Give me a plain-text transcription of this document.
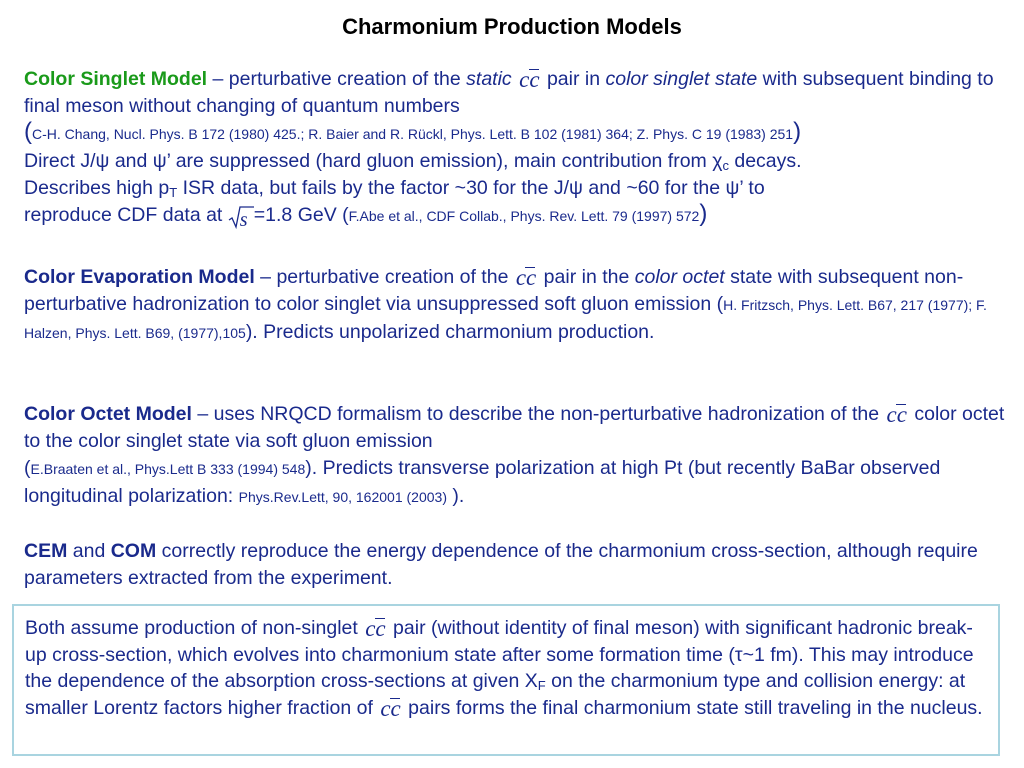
Charmonium Production Models
Color Singlet Model – perturbative creation of the static cc
pair in color singlet state with subsequent binding to final meson without changing of quantum numbers
(C-H. Chang, Nucl. Phys. B 172 (1980) 425.; R. Baier and R. Rückl, Phys. Lett. B 102 (1981) 364; Z. Phys. C 19 (1983) 251)
Direct J/ψ and ψ’ are suppressed (hard gluon emission), main contribution from $\chi_c$ decays.
Describes high $p_T$ ISR data, but fails by the factor ~30 for the J/ψ and ~60 for the ψ’ to
reproduce CDF data at s =1.8 GeV (F.Abe et al., CDF Collab., Phys. Rev. Lett. 79 (1997) 572)
Color Evaporation Model – perturbative creation of the cc
pair in the color octet state with subsequent non-perturbative hadronization to color singlet via unsuppressed soft gluon emission (H. Fritzsch, Phys. Lett. B67, 217 (1977); F. Halzen, Phys. Lett. B69, (1977),105). Predicts unpolarized charmonium production.
Color Octet Model – uses NRQCD formalism to describe the non-perturbative hadronization of the cc
color octet to the color singlet state via soft gluon emission
(E.Braaten et al., Phys.Lett B 333 (1994) 548). Predicts transverse polarization at high Pt (but recently BaBar observed longitudinal polarization: Phys.Rev.Lett, 90, 162001 (2003) ).
CEM and COM correctly reproduce the energy dependence of the charmonium cross-section, although require parameters extracted from the experiment.
Both assume production of non-singlet cc
pair (without identity of final meson) with significant hadronic break-up cross-section, which evolves into charmonium state after some formation time (τ~1 fm). This may introduce the dependence of the absorption cross-sections at given $X_F$ on the charmonium type and collision energy: at smaller Lorentz factors higher fraction of cc
pairs forms the final charmonium state still traveling in the nucleus.
